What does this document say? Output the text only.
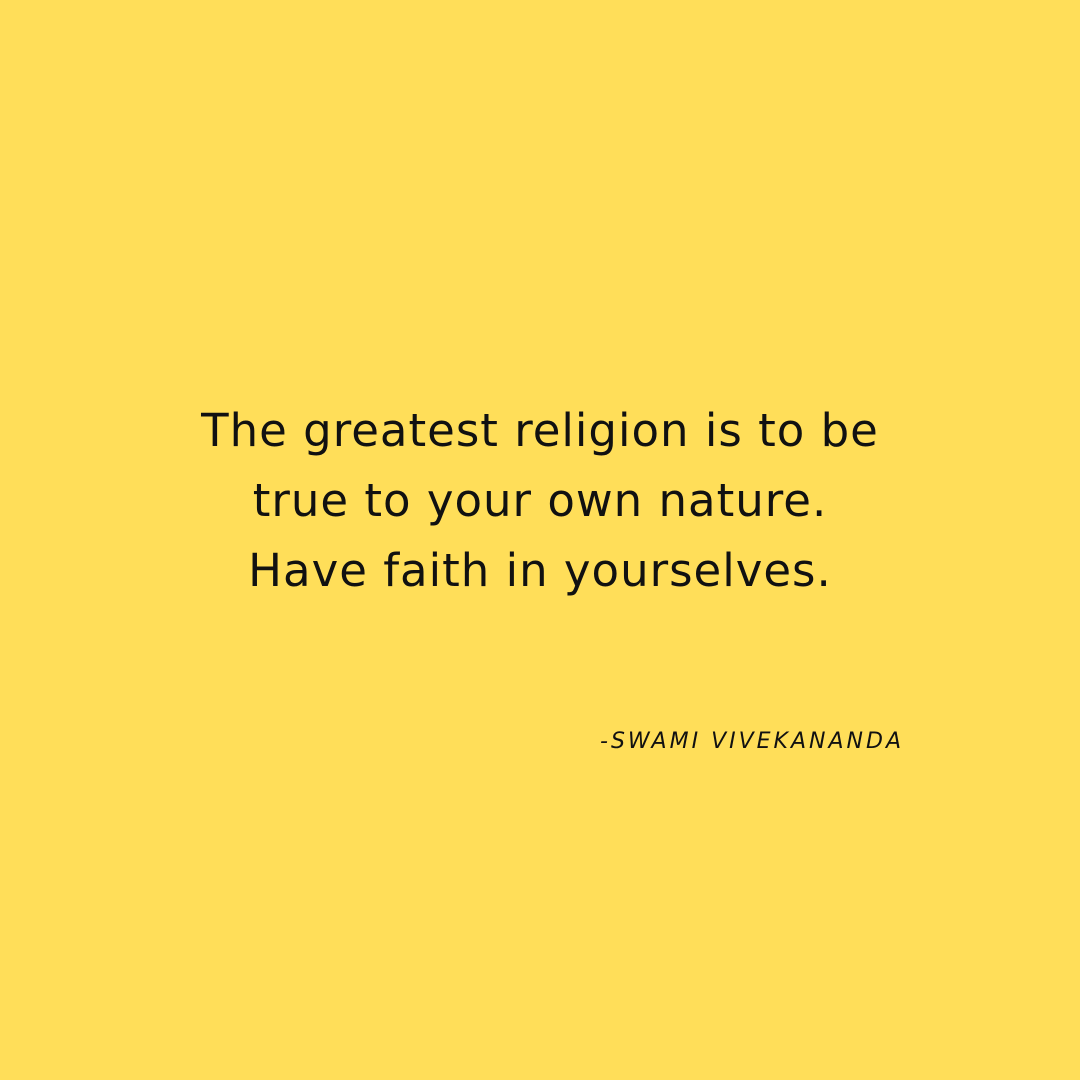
The greatest religion is to be
true to your own nature.
Have faith in yourselves.

-SWAMI VIVEKANANDA
